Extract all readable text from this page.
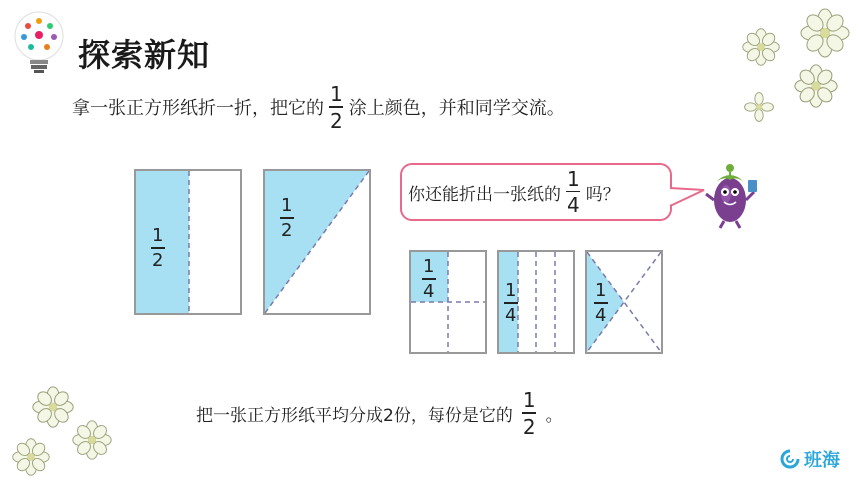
探索新知
拿一张正方形纸折一折，把它的 $\frac{1}{2}$ 涂上颜色，并和同学交流。
1
2
1
2
你还能折出一张纸的 $\frac{1}{4}$ 吗？
1
4	1
4
1
4
把一张正方形纸平均分成2份，每份是它的 $\frac{1}{2}$ 。
班海
